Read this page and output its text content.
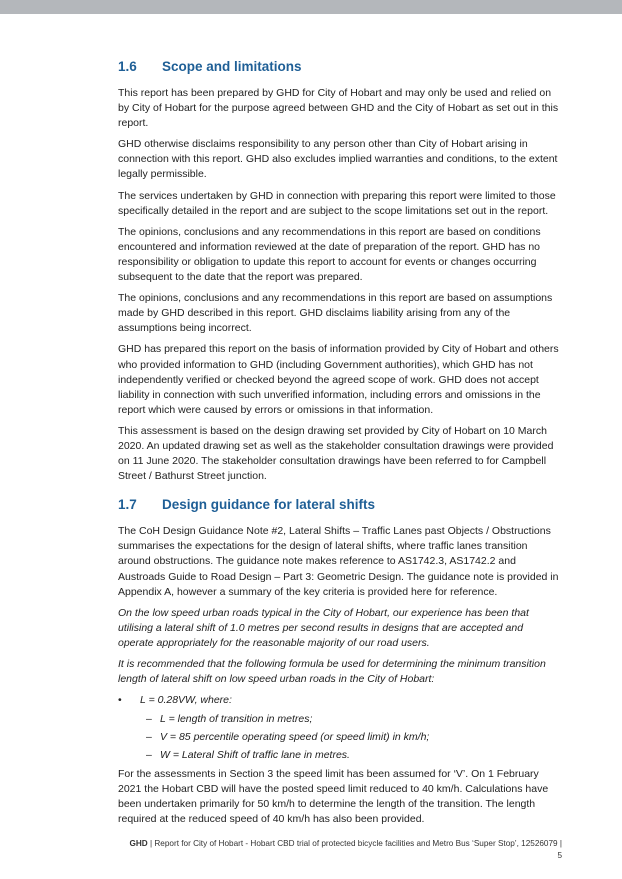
1.6 Scope and limitations

This report has been prepared by GHD for City of Hobart and may only be used and relied on by City of Hobart for the purpose agreed between GHD and the City of Hobart as set out in this report.

GHD otherwise disclaims responsibility to any person other than City of Hobart arising in connection with this report. GHD also excludes implied warranties and conditions, to the extent legally permissible.

The services undertaken by GHD in connection with preparing this report were limited to those specifically detailed in the report and are subject to the scope limitations set out in the report.

The opinions, conclusions and any recommendations in this report are based on conditions encountered and information reviewed at the date of preparation of the report. GHD has no responsibility or obligation to update this report to account for events or changes occurring subsequent to the date that the report was prepared.

The opinions, conclusions and any recommendations in this report are based on assumptions made by GHD described in this report. GHD disclaims liability arising from any of the assumptions being incorrect.

GHD has prepared this report on the basis of information provided by City of Hobart and others who provided information to GHD (including Government authorities), which GHD has not independently verified or checked beyond the agreed scope of work. GHD does not accept liability in connection with such unverified information, including errors and omissions in the report which were caused by errors or omissions in that information.

This assessment is based on the design drawing set provided by City of Hobart on 10 March 2020. An updated drawing set as well as the stakeholder consultation drawings were provided on 11 June 2020. The stakeholder consultation drawings have been referred to for Campbell Street / Bathurst Street junction.

1.7 Design guidance for lateral shifts

The CoH Design Guidance Note #2, Lateral Shifts – Traffic Lanes past Objects / Obstructions summarises the expectations for the design of lateral shifts, where traffic lanes transition around obstructions. The guidance note makes reference to AS1742.3, AS1742.2 and Austroads Guide to Road Design – Part 3: Geometric Design. The guidance note is provided in Appendix A, however a summary of the key criteria is provided here for reference.

On the low speed urban roads typical in the City of Hobart, our experience has been that utilising a lateral shift of 1.0 metres per second results in designs that are accepted and operate appropriately for the reasonable majority of our road users.

It is recommended that the following formula be used for determining the minimum transition length of lateral shift on low speed urban roads in the City of Hobart:

• L = 0.28VW, where:
– L = length of transition in metres;
– V = 85 percentile operating speed (or speed limit) in km/h;
– W = Lateral Shift of traffic lane in metres.

For the assessments in Section 3 the speed limit has been assumed for ‘V’. On 1 February 2021 the Hobart CBD will have the posted speed limit reduced to 40 km/h. Calculations have been undertaken primarily for 50 km/h to determine the length of the transition. The length required at the reduced speed of 40 km/h has also been provided.

GHD | Report for City of Hobart - Hobart CBD trial of protected bicycle facilities and Metro Bus ‘Super Stop’, 12526079 |
5
